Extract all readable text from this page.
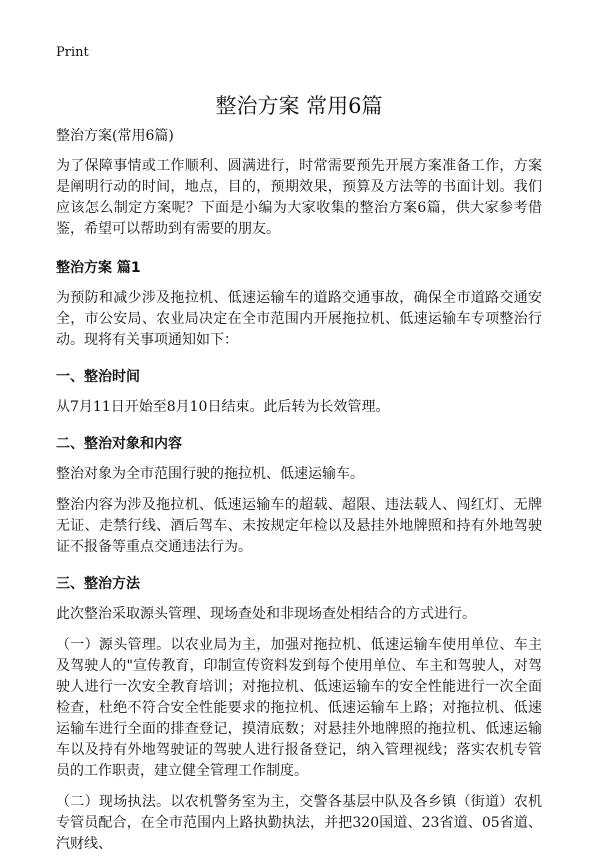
Print

整治方案 常用6篇

整治方案(常用6篇)

为了保障事情或工作顺利、圆满进行，时常需要预先开展方案准备工作，方案是阐明行动的时间，地点，目的，预期效果，预算及方法等的书面计划。我们应该怎么制定方案呢？下面是小编为大家收集的整治方案6篇，供大家参考借鉴，希望可以帮助到有需要的朋友。

整治方案 篇1

为预防和减少涉及拖拉机、低速运输车的道路交通事故，确保全市道路交通安全，市公安局、农业局决定在全市范围内开展拖拉机、低速运输车专项整治行动。现将有关事项通知如下：

一、整治时间

从7月11日开始至8月10日结束。此后转为长效管理。

二、整治对象和内容

整治对象为全市范围行驶的拖拉机、低速运输车。

整治内容为涉及拖拉机、低速运输车的超载、超限、违法载人、闯红灯、无牌无证、走禁行线、酒后驾车、未按规定年检以及悬挂外地牌照和持有外地驾驶证不报备等重点交通违法行为。

三、整治方法

此次整治采取源头管理、现场查处和非现场查处相结合的方式进行。

（一）源头管理。以农业局为主，加强对拖拉机、低速运输车使用单位、车主及驾驶人的"宣传教育，印制宣传资料发到每个使用单位、车主和驾驶人，对驾驶人进行一次安全教育培训；对拖拉机、低速运输车的安全性能进行一次全面检查，杜绝不符合安全性能要求的拖拉机、低速运输车上路；对拖拉机、低速运输车进行全面的排查登记，摸清底数；对悬挂外地牌照的拖拉机、低速运输车以及持有外地驾驶证的驾驶人进行报备登记，纳入管理视线；落实农机专管员的工作职责，建立健全管理工作制度。

（二）现场执法。以农机警务室为主，交警各基层中队及各乡镇（街道）农机专管员配合，在全市范围内上路执勤执法，并把320国道、23省道、05省道、汽财线、
